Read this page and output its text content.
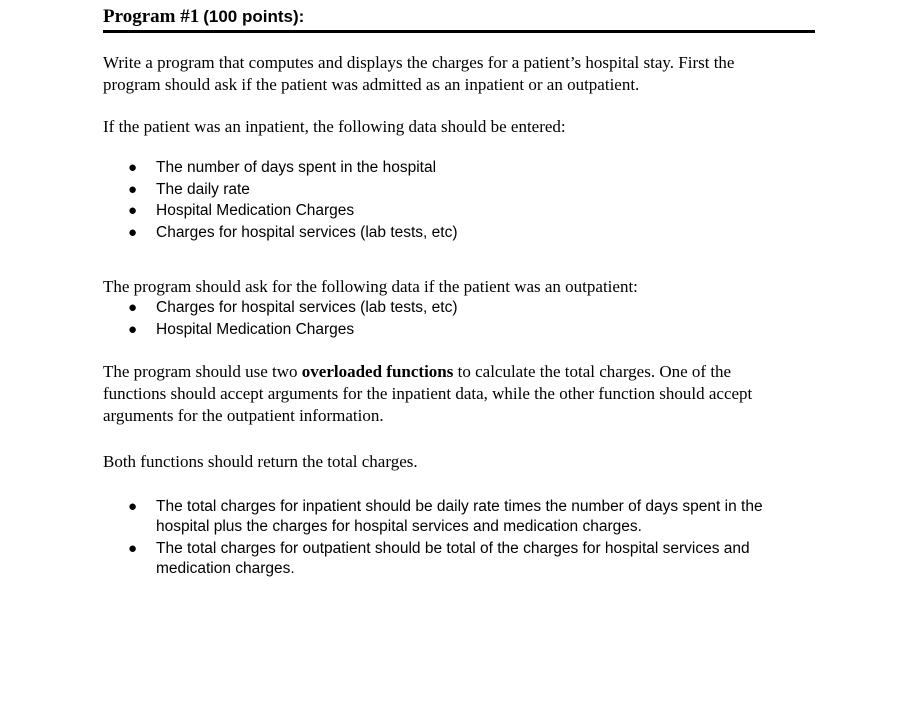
Program #1 (100 points):

Write a program that computes and displays the charges for a patient’s hospital stay. First the
program should ask if the patient was admitted as an inpatient or an outpatient.

If the patient was an inpatient, the following data should be entered:

● The number of days spent in the hospital
● The daily rate
● Hospital Medication Charges
● Charges for hospital services (lab tests, etc)

The program should ask for the following data if the patient was an outpatient:

● Charges for hospital services (lab tests, etc)
● Hospital Medication Charges

The program should use two overloaded functions to calculate the total charges. One of the
functions should accept arguments for the inpatient data, while the other function should accept
arguments for the outpatient information.

Both functions should return the total charges.

● The total charges for inpatient should be daily rate times the number of days spent in the
hospital plus the charges for hospital services and medication charges.
● The total charges for outpatient should be total of the charges for hospital services and
medication charges.
